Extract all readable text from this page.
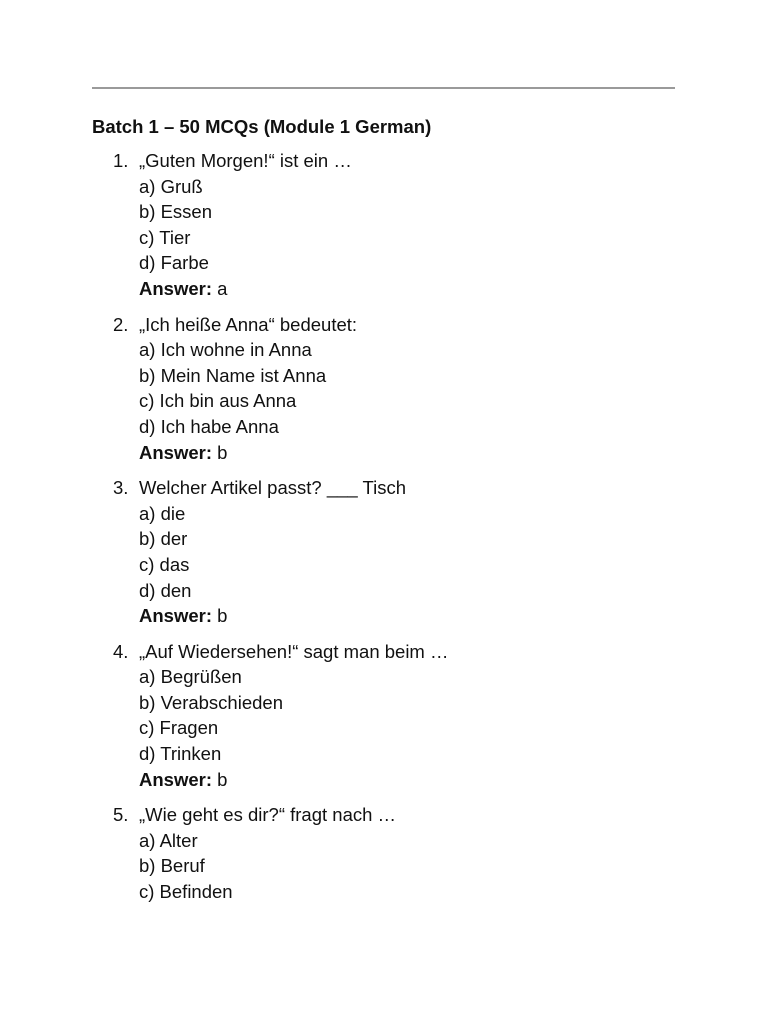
Batch 1 – 50 MCQs (Module 1 German)
1. „Guten Morgen!“ ist ein …
a) Gruß
b) Essen
c) Tier
d) Farbe
Answer: a
2. „Ich heiße Anna“ bedeutet:
a) Ich wohne in Anna
b) Mein Name ist Anna
c) Ich bin aus Anna
d) Ich habe Anna
Answer: b
3. Welcher Artikel passt? ___ Tisch
a) die
b) der
c) das
d) den
Answer: b
4. „Auf Wiedersehen!“ sagt man beim …
a) Begrüßen
b) Verabschieden
c) Fragen
d) Trinken
Answer: b
5. „Wie geht es dir?“ fragt nach …
a) Alter
b) Beruf
c) Befinden
